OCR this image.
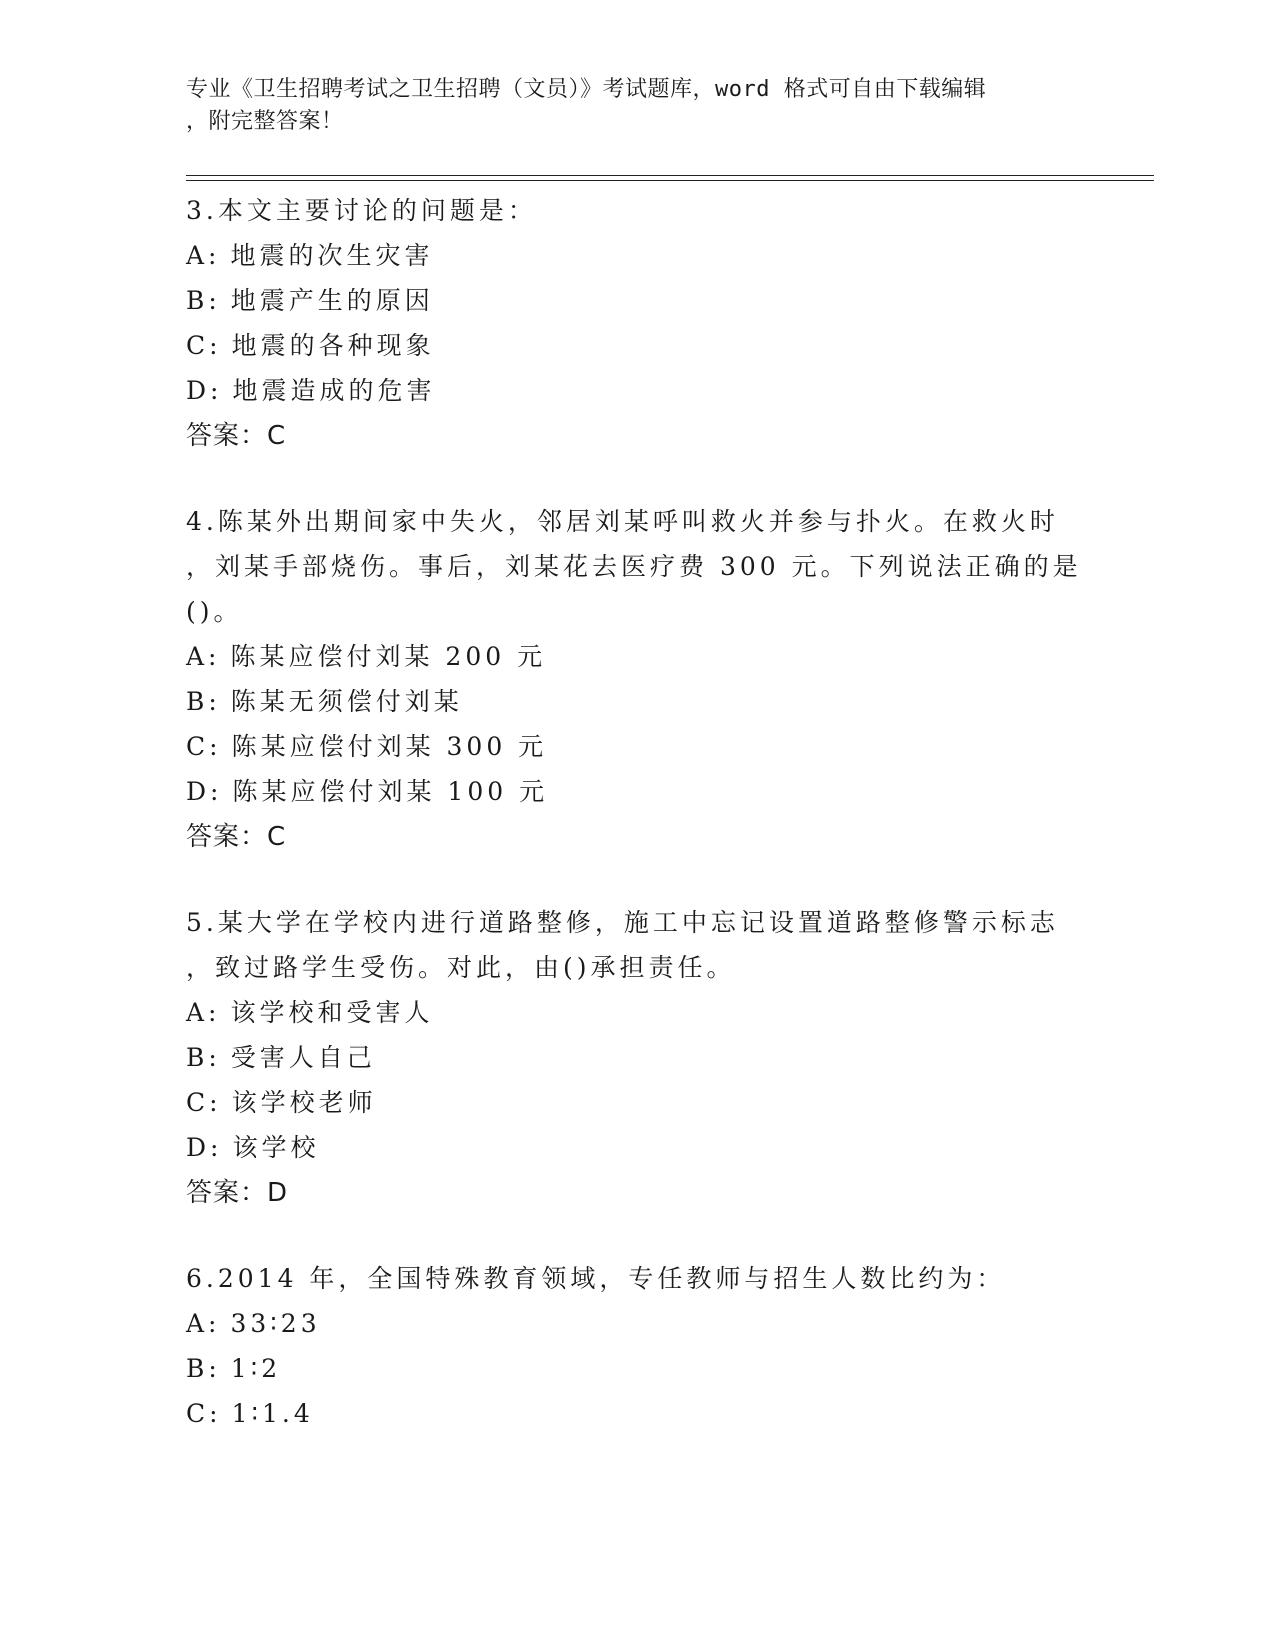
专业《卫生招聘考试之卫生招聘（文员）》考试题库，word 格式可自由下载编辑
，附完整答案！
3.本文主要讨论的问题是：
A: 地震的次生灾害
B: 地震产生的原因
C: 地震的各种现象
D: 地震造成的危害
答案：C
4.陈某外出期间家中失火，邻居刘某呼叫救火并参与扑火。在救火时
，刘某手部烧伤。事后，刘某花去医疗费 300 元。下列说法正确的是
()。
A: 陈某应偿付刘某 200 元
B: 陈某无须偿付刘某
C: 陈某应偿付刘某 300 元
D: 陈某应偿付刘某 100 元
答案：C
5.某大学在学校内进行道路整修，施工中忘记设置道路整修警示标志
，致过路学生受伤。对此，由()承担责任。
A: 该学校和受害人
B: 受害人自己
C: 该学校老师
D: 该学校
答案：D
6.2014 年，全国特殊教育领域，专任教师与招生人数比约为：
A: 33∶23
B: 1∶2
C: 1∶1.4
